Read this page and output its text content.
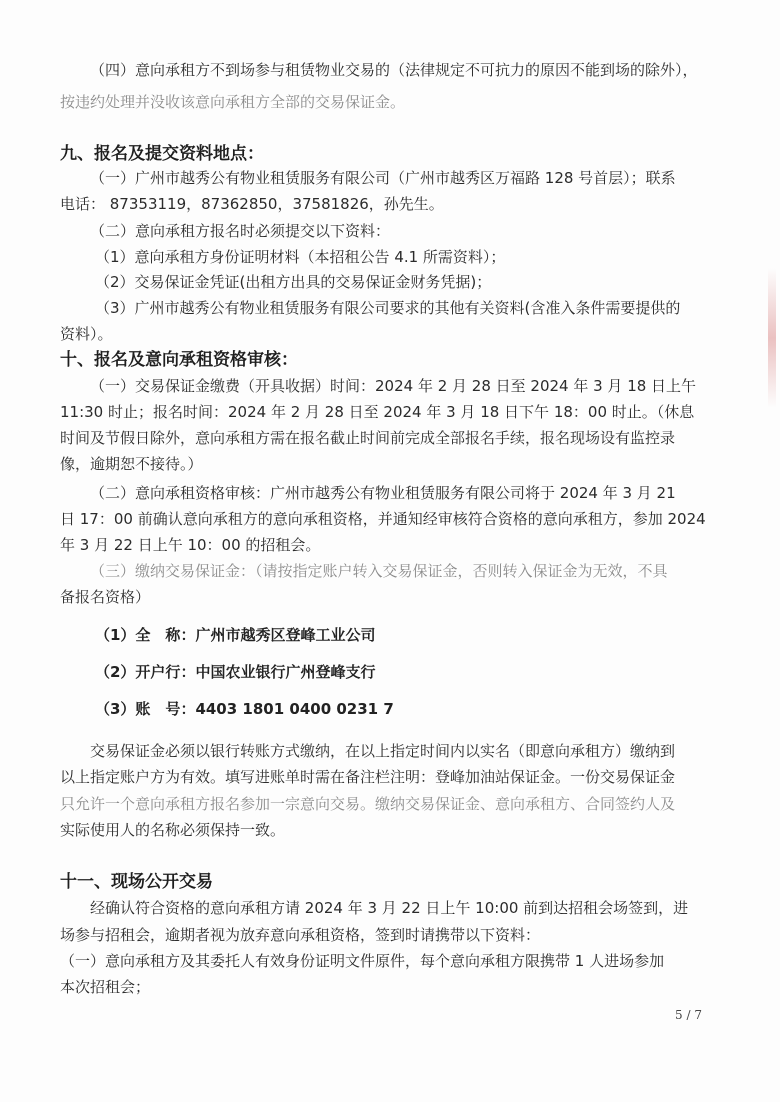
（四）意向承租方不到场参与租赁物业交易的（法律规定不可抗力的原因不能到场的除外），
按违约处理并没收该意向承租方全部的交易保证金。
九、报名及提交资料地点：
（一）广州市越秀公有物业租赁服务有限公司（广州市越秀区万福路 128 号首层）；联系
电话： 87353119，87362850，37581826，孙先生。
（二）意向承租方报名时必须提交以下资料：
（1）意向承租方身份证明材料（本招租公告 4.1 所需资料）；
（2）交易保证金凭证(出租方出具的交易保证金财务凭据)；
（3）广州市越秀公有物业租赁服务有限公司要求的其他有关资料(含准入条件需要提供的
资料）。
十、报名及意向承租资格审核：
（一）交易保证金缴费（开具收据）时间：2024 年 2 月 28 日至 2024 年 3 月 18 日上午
11:30 时止；报名时间：2024 年 2 月 28 日至 2024 年 3 月 18 日下午 18：00 时止。（休息
时间及节假日除外，意向承租方需在报名截止时间前完成全部报名手续，报名现场设有监控录
像，逾期恕不接待。）
（二）意向承租资格审核：广州市越秀公有物业租赁服务有限公司将于 2024 年 3 月 21
日 17：00 前确认意向承租方的意向承租资格，并通知经审核符合资格的意向承租方，参加 2024
年 3 月 22 日上午 10：00 的招租会。
（三）缴纳交易保证金：（请按指定账户转入交易保证金，否则转入保证金为无效，不具
备报名资格）
（1）全　称：广州市越秀区登峰工业公司
（2）开户行：中国农业银行广州登峰支行
（3）账　号：4403 1801 0400 0231 7
交易保证金必须以银行转账方式缴纳，在以上指定时间内以实名（即意向承租方）缴纳到
以上指定账户方为有效。填写进账单时需在备注栏注明：登峰加油站保证金。一份交易保证金
只允许一个意向承租方报名参加一宗意向交易。缴纳交易保证金、意向承租方、合同签约人及
实际使用人的名称必须保持一致。
十一、现场公开交易
经确认符合资格的意向承租方请 2024 年 3 月 22 日上午 10:00 前到达招租会场签到，进
场参与招租会，逾期者视为放弃意向承租资格，签到时请携带以下资料：
（一）意向承租方及其委托人有效身份证明文件原件，每个意向承租方限携带 1 人进场参加
本次招租会；
5 / 7
